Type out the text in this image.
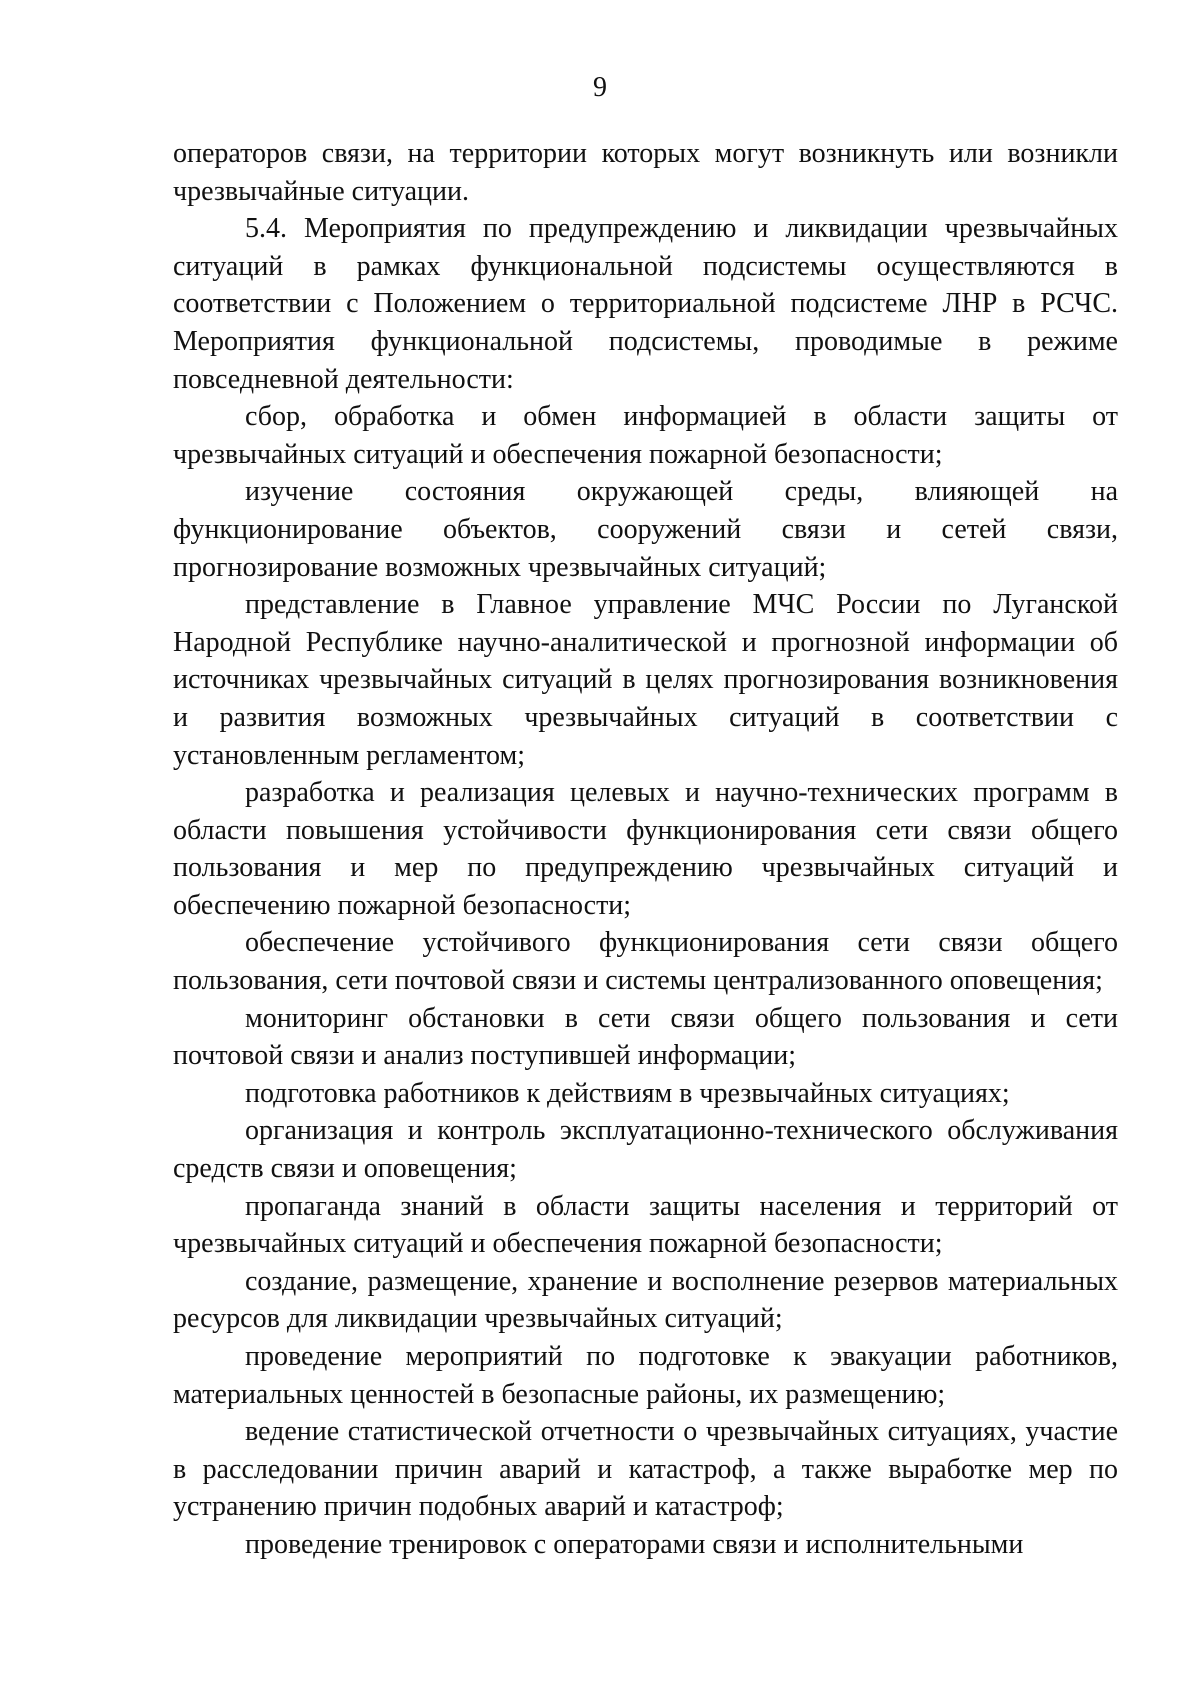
9

операторов связи, на территории которых могут возникнуть или возникли чрезвычайные ситуации.

5.4. Мероприятия по предупреждению и ликвидации чрезвычайных ситуаций в рамках функциональной подсистемы осуществляются в соответствии с Положением о территориальной подсистеме ЛНР в РСЧС. Мероприятия функциональной подсистемы, проводимые в режиме повседневной деятельности:

сбор, обработка и обмен информацией в области защиты от чрезвычайных ситуаций и обеспечения пожарной безопасности;

изучение состояния окружающей среды, влияющей на функционирование объектов, сооружений связи и сетей связи, прогнозирование возможных чрезвычайных ситуаций;

представление в Главное управление МЧС России по Луганской Народной Республике научно-аналитической и прогнозной информации об источниках чрезвычайных ситуаций в целях прогнозирования возникновения и развития возможных чрезвычайных ситуаций в соответствии с установленным регламентом;

разработка и реализация целевых и научно-технических программ в области повышения устойчивости функционирования сети связи общего пользования и мер по предупреждению чрезвычайных ситуаций и обеспечению пожарной безопасности;

обеспечение устойчивого функционирования сети связи общего пользования, сети почтовой связи и системы централизованного оповещения;

мониторинг обстановки в сети связи общего пользования и сети почтовой связи и анализ поступившей информации;

подготовка работников к действиям в чрезвычайных ситуациях;

организация и контроль эксплуатационно-технического обслуживания средств связи и оповещения;

пропаганда знаний в области защиты населения и территорий от чрезвычайных ситуаций и обеспечения пожарной безопасности;

создание, размещение, хранение и восполнение резервов материальных ресурсов для ликвидации чрезвычайных ситуаций;

проведение мероприятий по подготовке к эвакуации работников, материальных ценностей в безопасные районы, их размещению;

ведение статистической отчетности о чрезвычайных ситуациях, участие в расследовании причин аварий и катастроф, а также выработке мер по устранению причин подобных аварий и катастроф;

проведение тренировок с операторами связи и исполнительными
